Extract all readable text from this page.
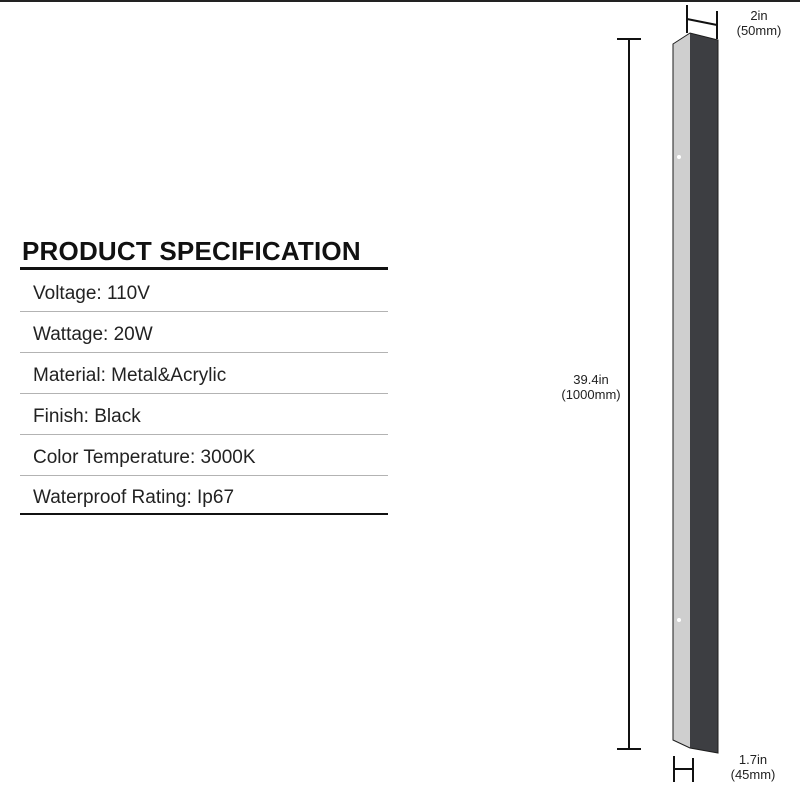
PRODUCT SPECIFICATION
Voltage: 110V
Wattage: 20W
Material: Metal&Acrylic
Finish: Black
Color Temperature: 3000K
Waterproof Rating: Ip67
39.4in
(1000mm)
2in
(50mm)
1.7in
(45mm)
